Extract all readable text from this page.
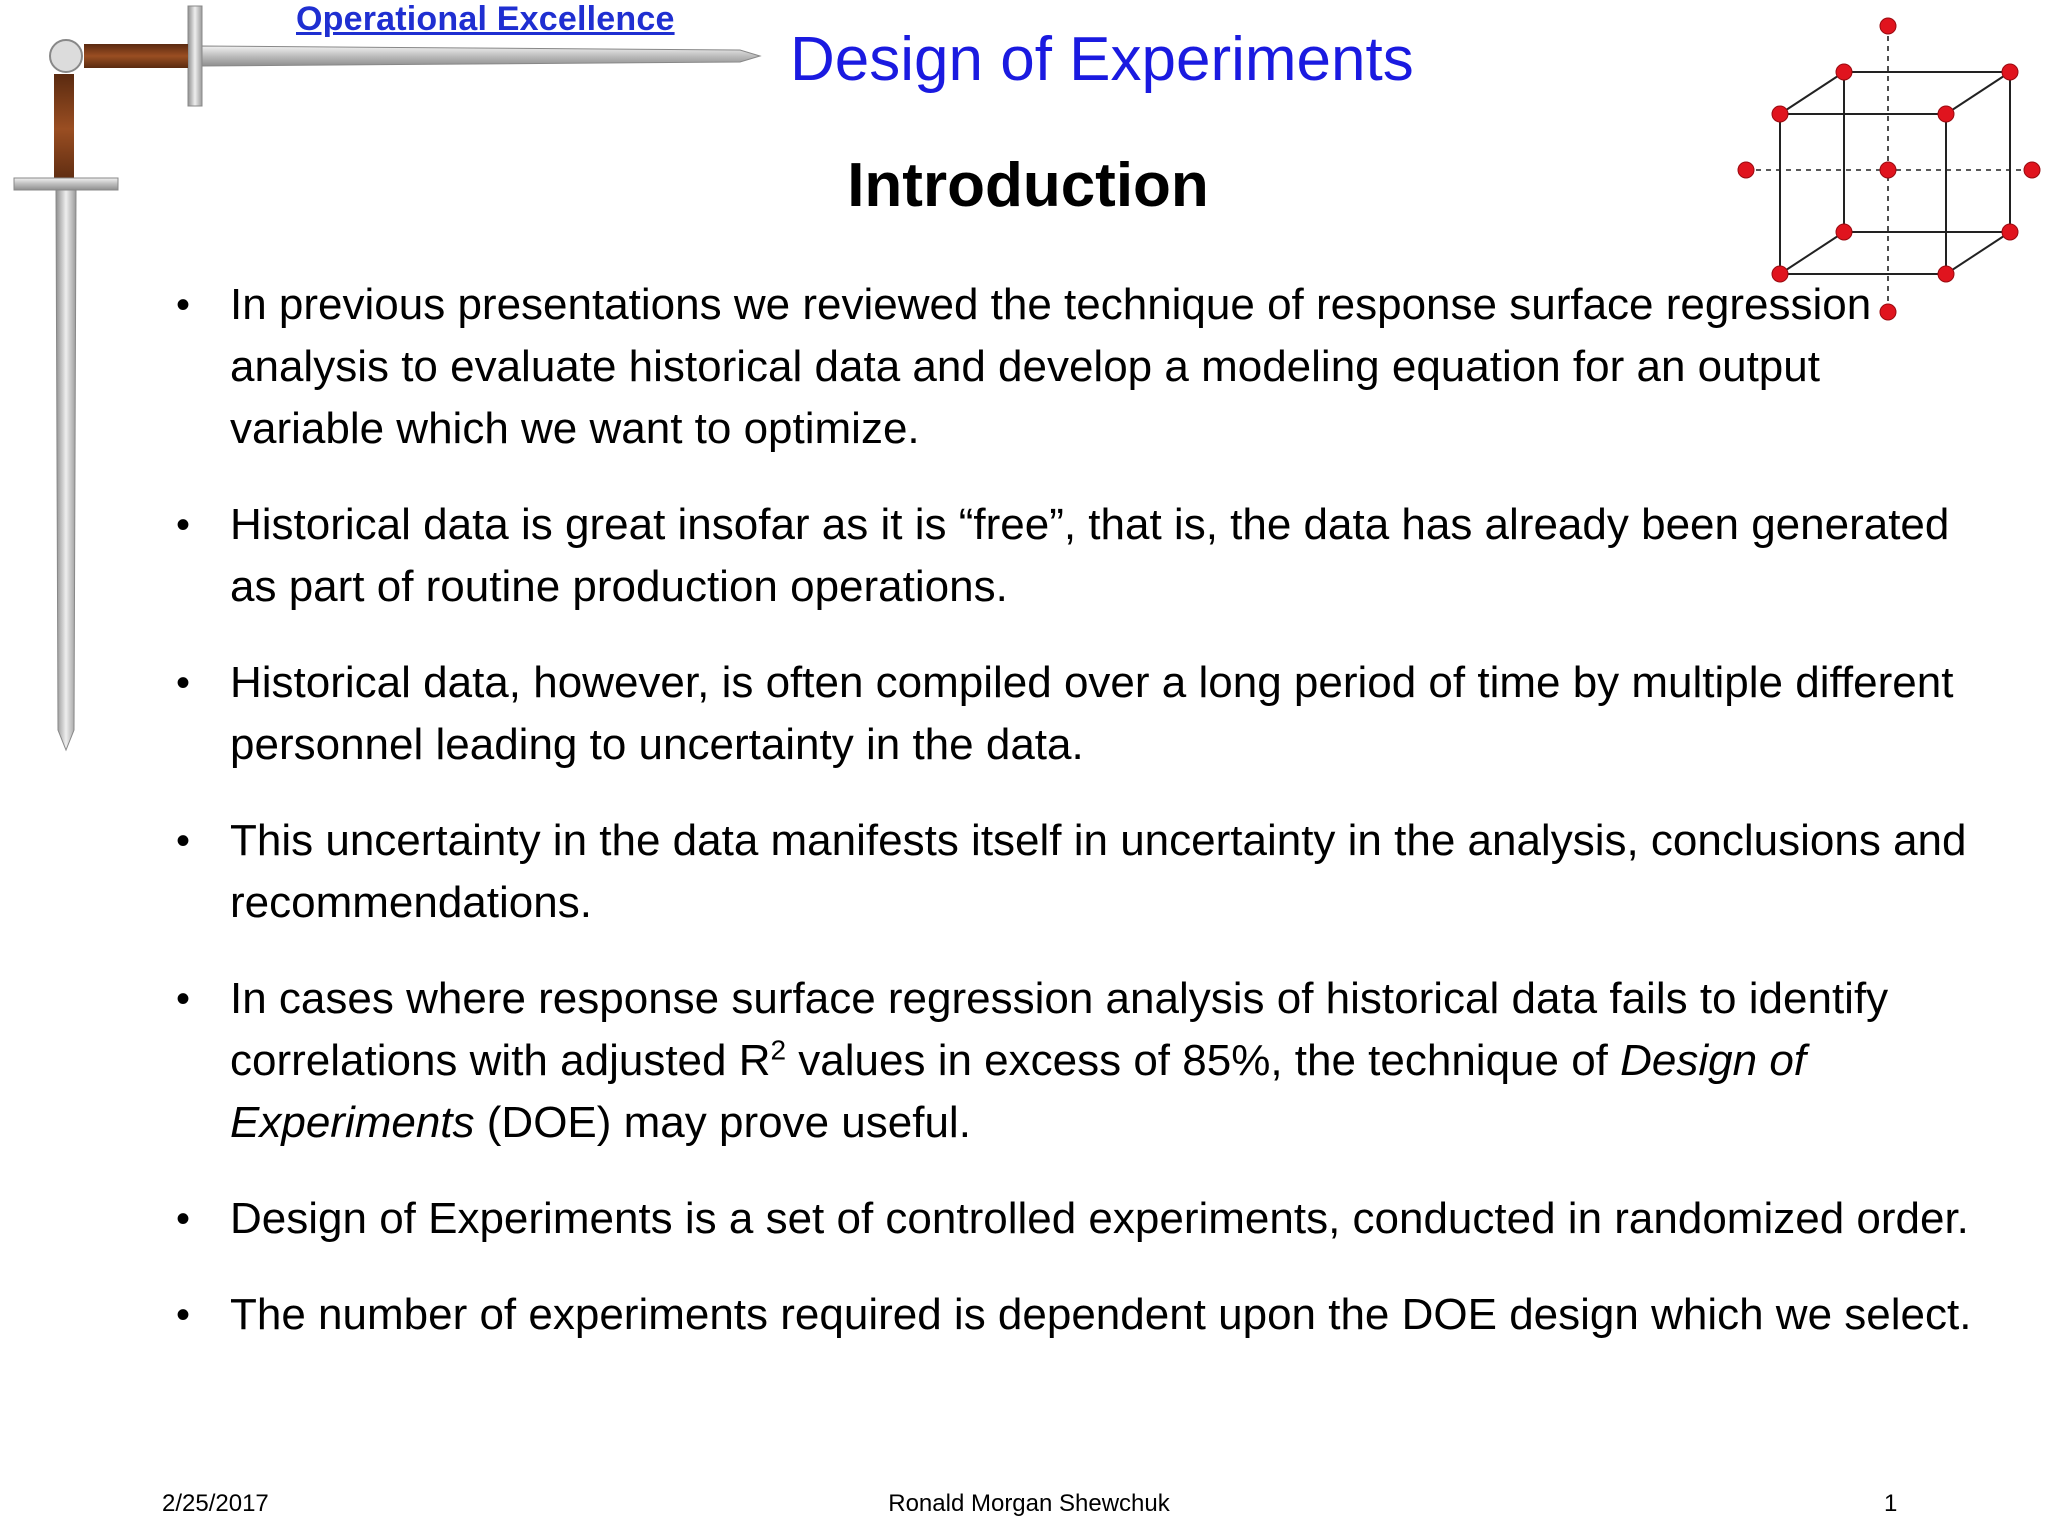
Operational Excellence
Design of Experiments
Introduction
• In previous presentations we reviewed the technique of response surface regression analysis to evaluate historical data and develop a modeling equation for an output variable which we want to optimize.
• Historical data is great insofar as it is “free”, that is, the data has already been generated as part of routine production operations.
• Historical data, however, is often compiled over a long period of time by multiple different personnel leading to uncertainty in the data.
• This uncertainty in the data manifests itself in uncertainty in the analysis, conclusions and recommendations.
• In cases where response surface regression analysis of historical data fails to identify correlations with adjusted $R^2$ values in excess of 85%, the technique of Design of Experiments (DOE) may prove useful.
• Design of Experiments is a set of controlled experiments, conducted in randomized order.
• The number of experiments required is dependent upon the DOE design which we select.
2/25/2017	Ronald Morgan Shewchuk	1
